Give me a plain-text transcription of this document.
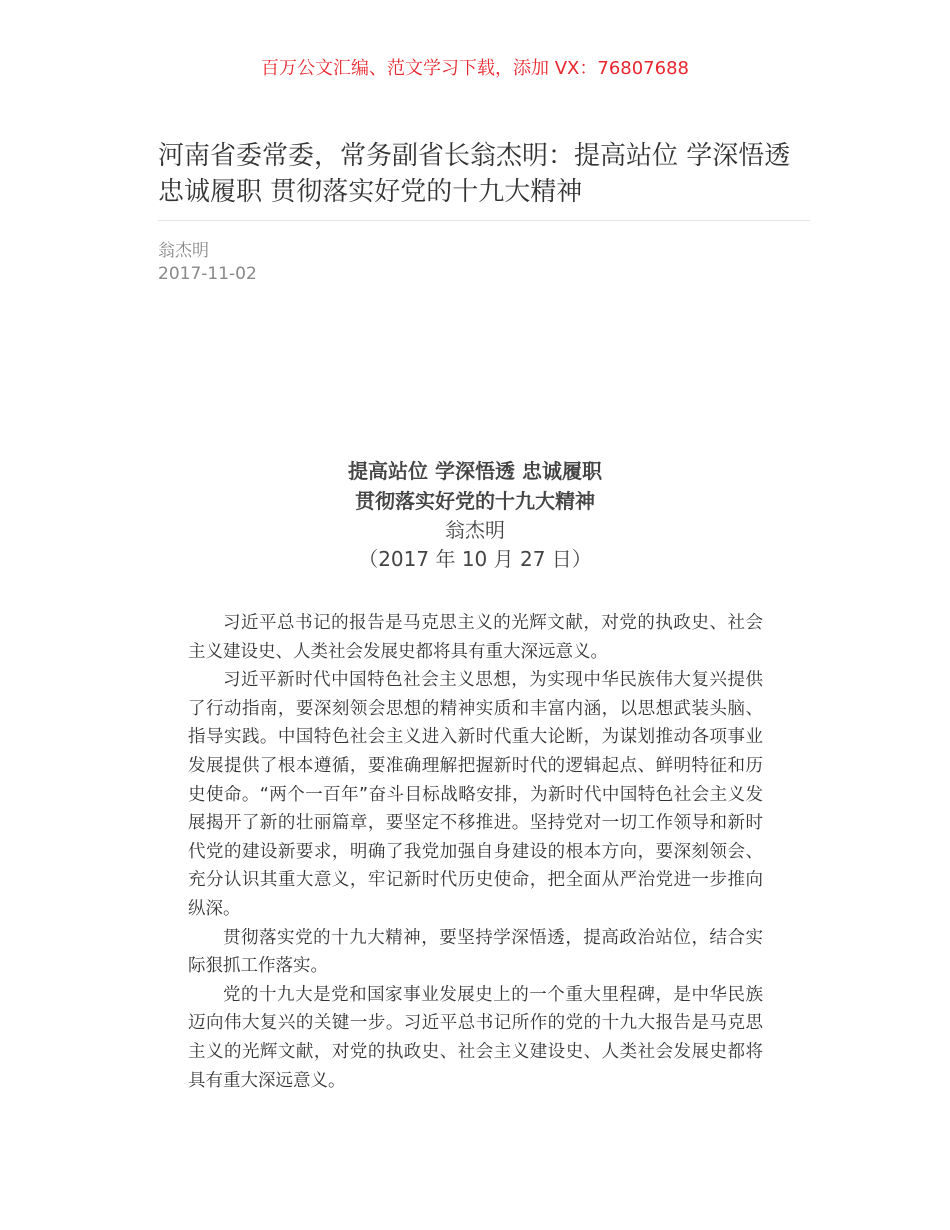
百万公文汇编、范文学习下载，添加 VX：76807688
河南省委常委，常务副省长翁杰明：提高站位 学深悟透 忠诚履职 贯彻落实好党的十九大精神
翁杰明
2017-11-02
提高站位 学深悟透 忠诚履职
贯彻落实好党的十九大精神
翁杰明
（2017 年 10 月 27 日）

习近平总书记的报告是马克思主义的光辉文献，对党的执政史、社会主义建设史、人类社会发展史都将具有重大深远意义。

习近平新时代中国特色社会主义思想，为实现中华民族伟大复兴提供了行动指南，要深刻领会思想的精神实质和丰富内涵，以思想武装头脑、指导实践。中国特色社会主义进入新时代重大论断，为谋划推动各项事业发展提供了根本遵循，要准确理解把握新时代的逻辑起点、鲜明特征和历史使命。“两个一百年”奋斗目标战略安排，为新时代中国特色社会主义发展揭开了新的壮丽篇章，要坚定不移推进。坚持党对一切工作领导和新时代党的建设新要求，明确了我党加强自身建设的根本方向，要深刻领会、充分认识其重大意义，牢记新时代历史使命，把全面从严治党进一步推向纵深。

贯彻落实党的十九大精神，要坚持学深悟透，提高政治站位，结合实际狠抓工作落实。

党的十九大是党和国家事业发展史上的一个重大里程碑，是中华民族迈向伟大复兴的关键一步。习近平总书记所作的党的十九大报告是马克思主义的光辉文献，对党的执政史、社会主义建设史、人类社会发展史都将具有重大深远意义。
